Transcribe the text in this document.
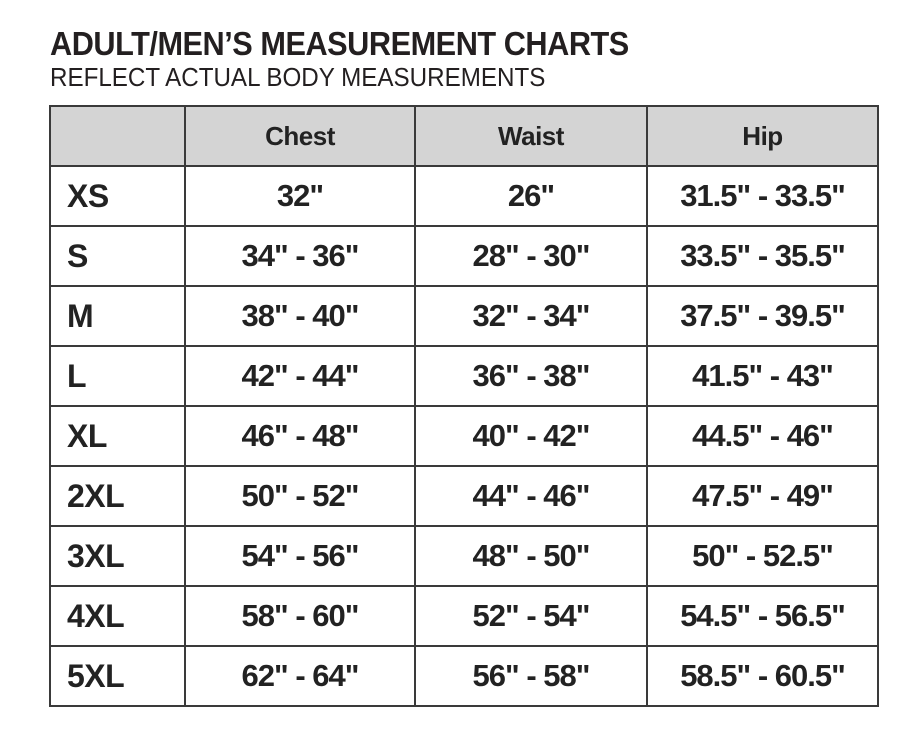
ADULT/MEN’S MEASUREMENT CHARTS

REFLECT ACTUAL BODY MEASUREMENTS

	Chest	Waist	Hip
XS	32"	26"	31.5" - 33.5"
S	34" - 36"	28" - 30"	33.5" - 35.5"
M	38" - 40"	32" - 34"	37.5" - 39.5"
L	42" - 44"	36" - 38"	41.5" - 43"
XL	46" - 48"	40" - 42"	44.5" - 46"
2XL	50" - 52"	44" - 46"	47.5" - 49"
3XL	54" - 56"	48" - 50"	50" - 52.5"
4XL	58" - 60"	52" - 54"	54.5" - 56.5"
5XL	62" - 64"	56" - 58"	58.5" - 60.5"
